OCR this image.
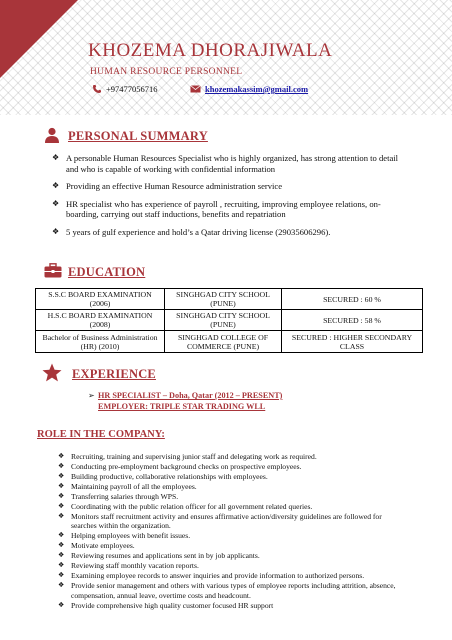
KHOZEMA DHORAJIWALA
HUMAN RESOURCE PERSONNEL
+97477056716	khozemakassim@gmail.com
PERSONAL SUMMARY
❖ A personable Human Resources Specialist who is highly organized, has strong attention to detail and who is capable of working with confidential information
❖ Providing an effective Human Resource administration service
❖ HR specialist who has experience of payroll , recruiting, improving employee relations, on-boarding, carrying out staff inductions, benefits and repatriation
❖ 5 years of gulf experience and hold’s a Qatar driving license (29035606296).
EDUCATION
S.S.C BOARD EXAMINATION (2006)	SINGHGAD CITY SCHOOL (PUNE)	SECURED : 60 %
H.S.C BOARD EXAMINATION (2008)	SINGHGAD CITY SCHOOL (PUNE)	SECURED : 58 %
Bachelor of Business Administration (HR) (2010)	SINGHGAD COLLEGE OF COMMERCE (PUNE)	SECURED : HIGHER SECONDARY CLASS
EXPERIENCE
➢ HR SPECIALIST – Doha, Qatar (2012 – PRESENT)
EMPLOYER: TRIPLE STAR TRADING WLL
ROLE IN THE COMPANY:
❖ Recruiting, training and supervising junior staff and delegating work as required.
❖ Conducting pre-employment background checks on prospective employees.
❖ Building productive, collaborative relationships with employees.
❖ Maintaining payroll of all the employees.
❖ Transferring salaries through WPS.
❖ Coordinating with the public relation officer for all government related queries.
❖ Monitors staff recruitment activity and ensures affirmative action/diversity guidelines are followed for searches within the organization.
❖ Helping employees with benefit issues.
❖ Motivate employees.
❖ Reviewing resumes and applications sent in by job applicants.
❖ Reviewing staff monthly vacation reports.
❖ Examining employee records to answer inquiries and provide information to authorized persons.
❖ Provide senior management and others with various types of employee reports including attrition, absence, compensation, annual leave, overtime costs and headcount.
❖ Provide comprehensive high quality customer focused HR support
